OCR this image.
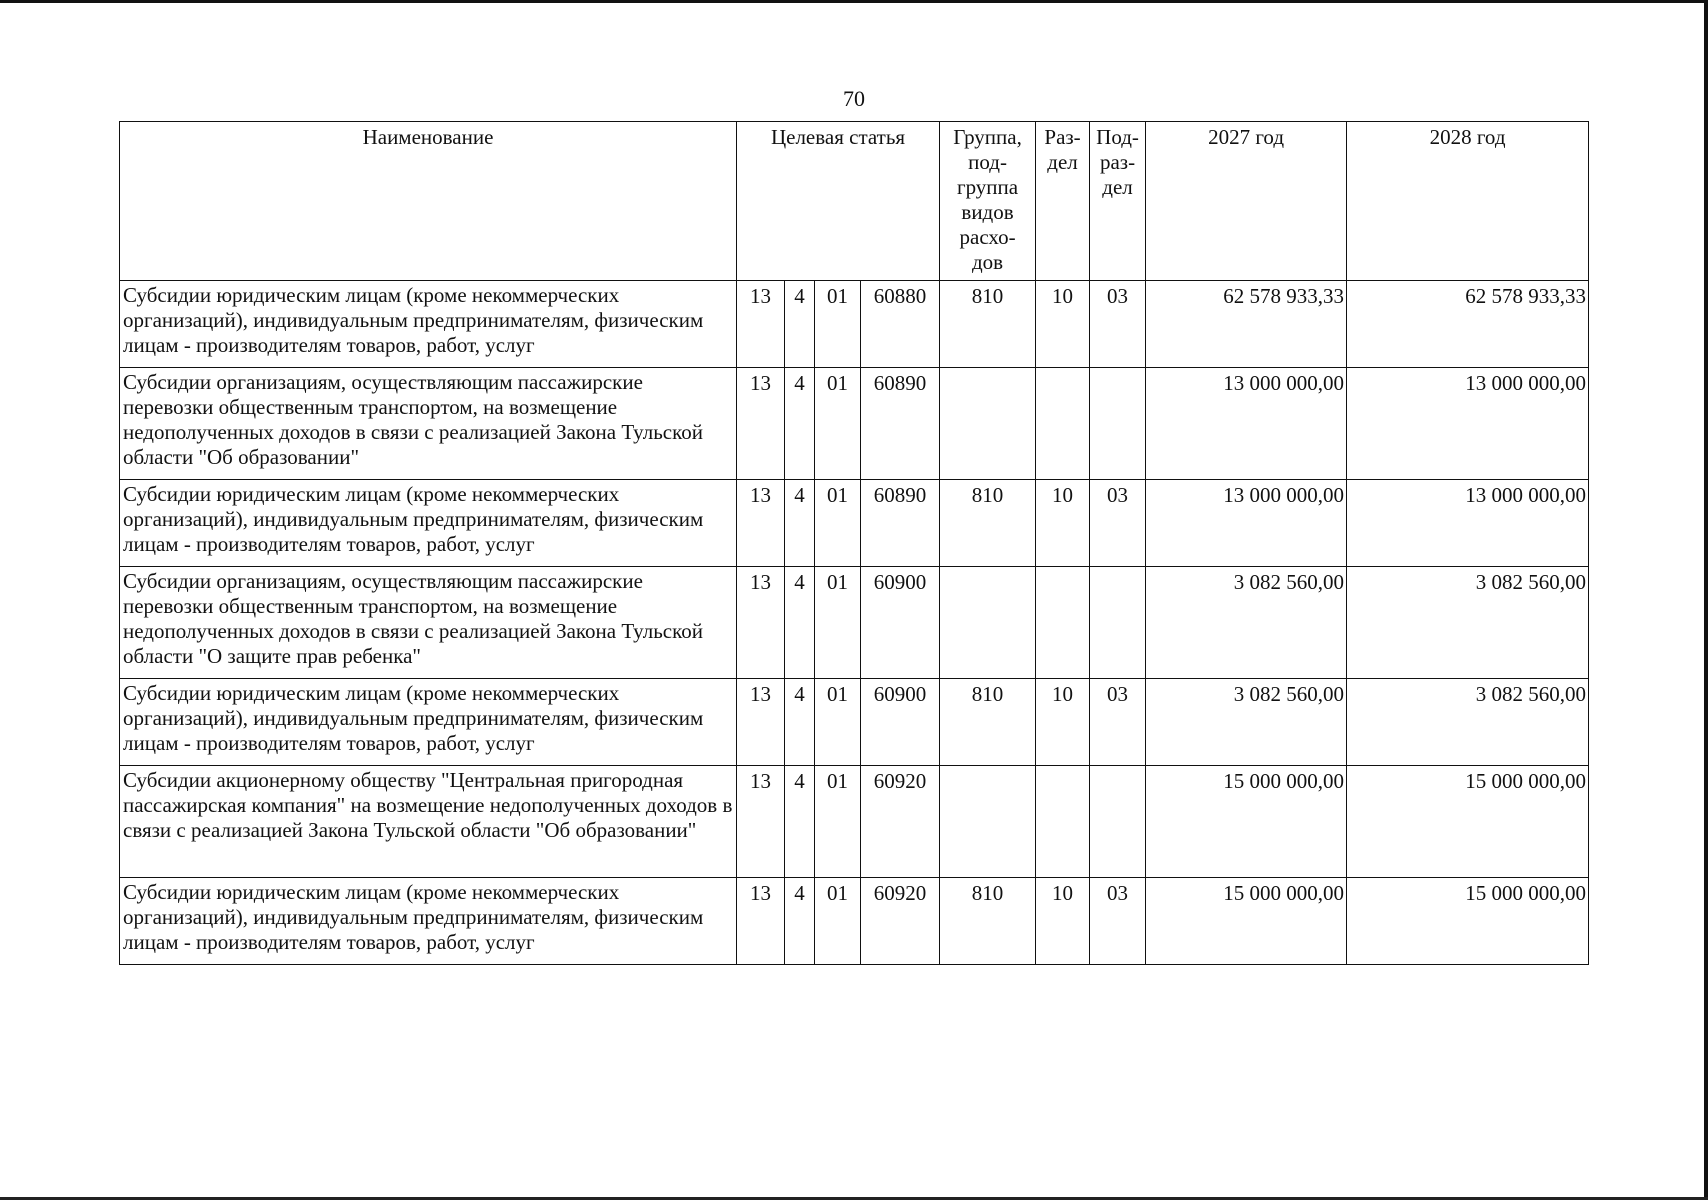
70
Наименование	Целевая статья				Группа, под- группа видов расхо- дов	Раз- дел	Под- раз- дел	2027 год	2028 год
Субсидии юридическим лицам (кроме некоммерческих организаций), индивидуальным предпринимателям, физическим лицам - производителям товаров, работ, услуг	13	4	01	60880	810	10	03	62 578 933,33	62 578 933,33
Субсидии организациям, осуществляющим пассажирские перевозки общественным транспортом, на возмещение недополученных доходов в связи с реализацией Закона Тульской области "Об образовании"	13	4	01	60890				13 000 000,00	13 000 000,00
Субсидии юридическим лицам (кроме некоммерческих организаций), индивидуальным предпринимателям, физическим лицам - производителям товаров, работ, услуг	13	4	01	60890	810	10	03	13 000 000,00	13 000 000,00
Субсидии организациям, осуществляющим пассажирские перевозки общественным транспортом, на возмещение недополученных доходов в связи с реализацией Закона Тульской области "О защите прав ребенка"	13	4	01	60900				3 082 560,00	3 082 560,00
Субсидии юридическим лицам (кроме некоммерческих организаций), индивидуальным предпринимателям, физическим лицам - производителям товаров, работ, услуг	13	4	01	60900	810	10	03	3 082 560,00	3 082 560,00
Субсидии акционерному обществу "Центральная пригородная пассажирская компания" на возмещение недополученных доходов в связи с реализацией Закона Тульской области "Об образовании"	13	4	01	60920				15 000 000,00	15 000 000,00
Субсидии юридическим лицам (кроме некоммерческих организаций), индивидуальным предпринимателям, физическим лицам - производителям товаров, работ, услуг	13	4	01	60920	810	10	03	15 000 000,00	15 000 000,00
